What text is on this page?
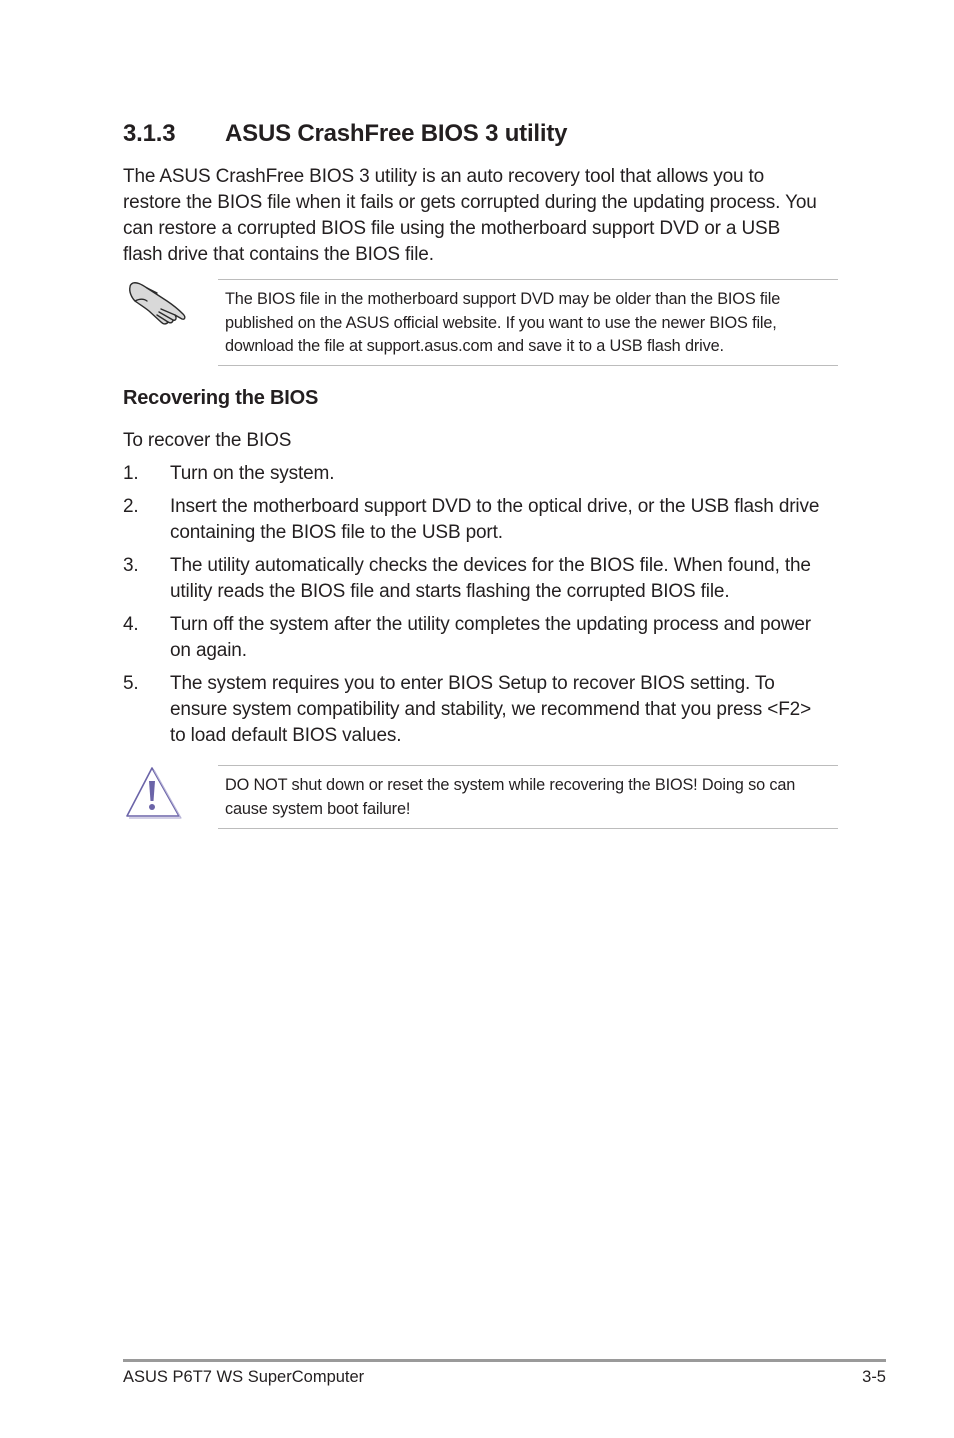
3.1.3 ASUS CrashFree BIOS 3 utility

The ASUS CrashFree BIOS 3 utility is an auto recovery tool that allows you to restore the BIOS file when it fails or gets corrupted during the updating process. You can restore a corrupted BIOS file using the motherboard support DVD or a USB flash drive that contains the BIOS file.

The BIOS file in the motherboard support DVD may be older than the BIOS file published on the ASUS official website. If you want to use the newer BIOS file, download the file at support.asus.com and save it to a USB flash drive.

Recovering the BIOS

To recover the BIOS

1. Turn on the system.
2. Insert the motherboard support DVD to the optical drive, or the USB flash drive containing the BIOS file to the USB port.
3. The utility automatically checks the devices for the BIOS file. When found, the utility reads the BIOS file and starts flashing the corrupted BIOS file.
4. Turn off the system after the utility completes the updating process and power on again.
5. The system requires you to enter BIOS Setup to recover BIOS setting. To ensure system compatibility and stability, we recommend that you press <F2> to load default BIOS values.

DO NOT shut down or reset the system while recovering the BIOS! Doing so can cause system boot failure!

ASUS P6T7 WS SuperComputer	3-5
